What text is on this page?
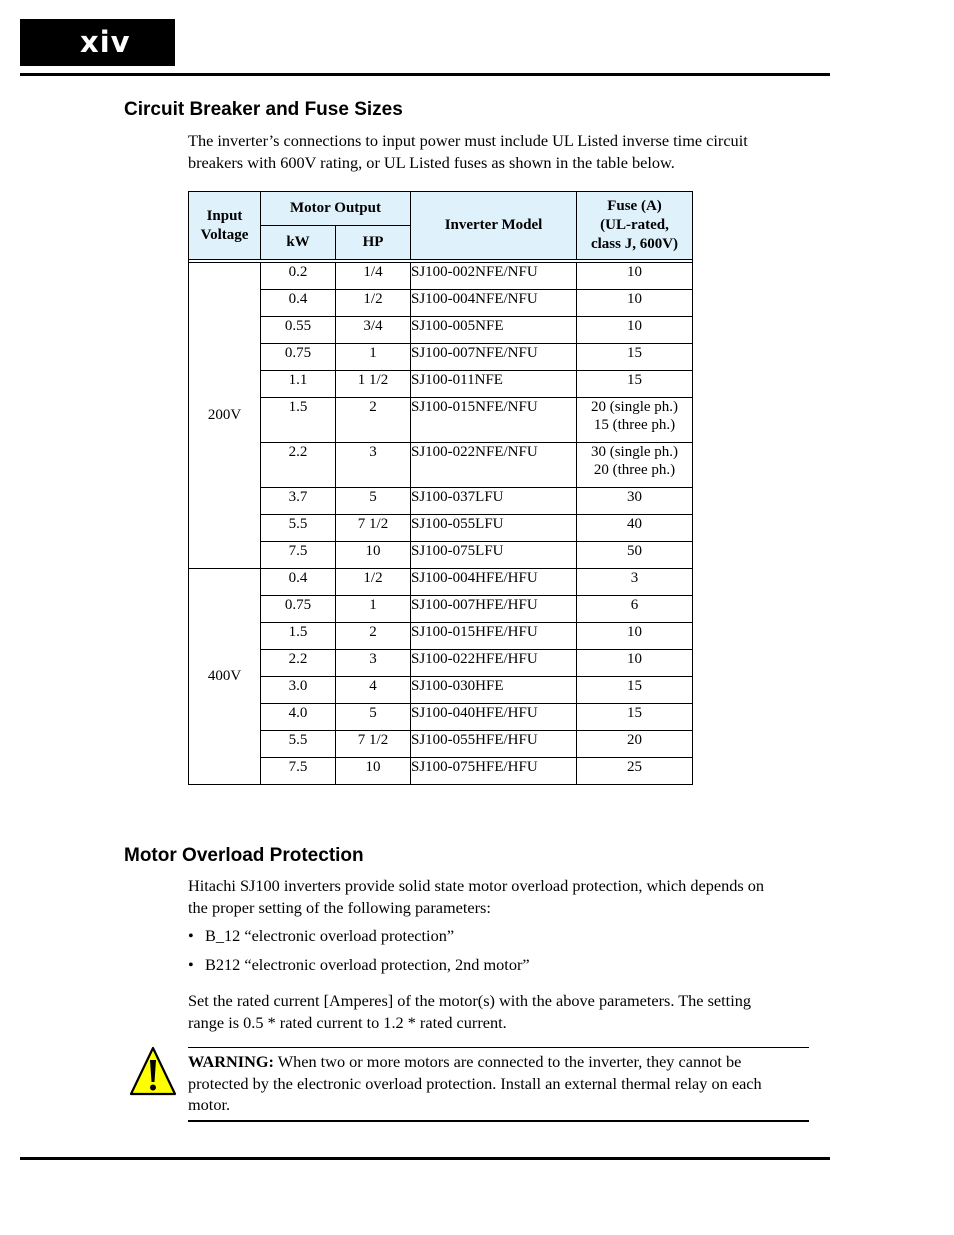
xiv
Circuit Breaker and Fuse Sizes

The inverter’s connections to input power must include UL Listed inverse time circuit
breakers with 600V rating, or UL Listed fuses as shown in the table below.

Input
Voltage	Motor Output		Inverter Model	Fuse (A)
(UL-rated,
class J, 600V)
	kW	HP		

200V	0.2	1/4	SJ100-002NFE/NFU	10
	0.4	1/2	SJ100-004NFE/NFU	10
	0.55	3/4	SJ100-005NFE	10
	0.75	1	SJ100-007NFE/NFU	15
	1.1	1 1/2	SJ100-011NFE	15
	1.5	2	SJ100-015NFE/NFU	20 (single ph.)
15 (three ph.)
	2.2	3	SJ100-022NFE/NFU	30 (single ph.)
20 (three ph.)
	3.7	5	SJ100-037LFU	30
	5.5	7 1/2	SJ100-055LFU	40
	7.5	10	SJ100-075LFU	50
400V	0.4	1/2	SJ100-004HFE/HFU	3
	0.75	1	SJ100-007HFE/HFU	6
	1.5	2	SJ100-015HFE/HFU	10
	2.2	3	SJ100-022HFE/HFU	10
	3.0	4	SJ100-030HFE	15
	4.0	5	SJ100-040HFE/HFU	15
	5.5	7 1/2	SJ100-055HFE/HFU	20
	7.5	10	SJ100-075HFE/HFU	25
Motor Overload Protection

Hitachi SJ100 inverters provide solid state motor overload protection, which depends on
the proper setting of the following parameters:

• B_12 “electronic overload protection”
• B212 “electronic overload protection, 2nd motor”

Set the rated current [Amperes] of the motor(s) with the above parameters. The setting
range is 0.5 * rated current to 1.2 * rated current.

WARNING: When two or more motors are connected to the inverter, they cannot be
protected by the electronic overload protection. Install an external thermal relay on each
motor.
